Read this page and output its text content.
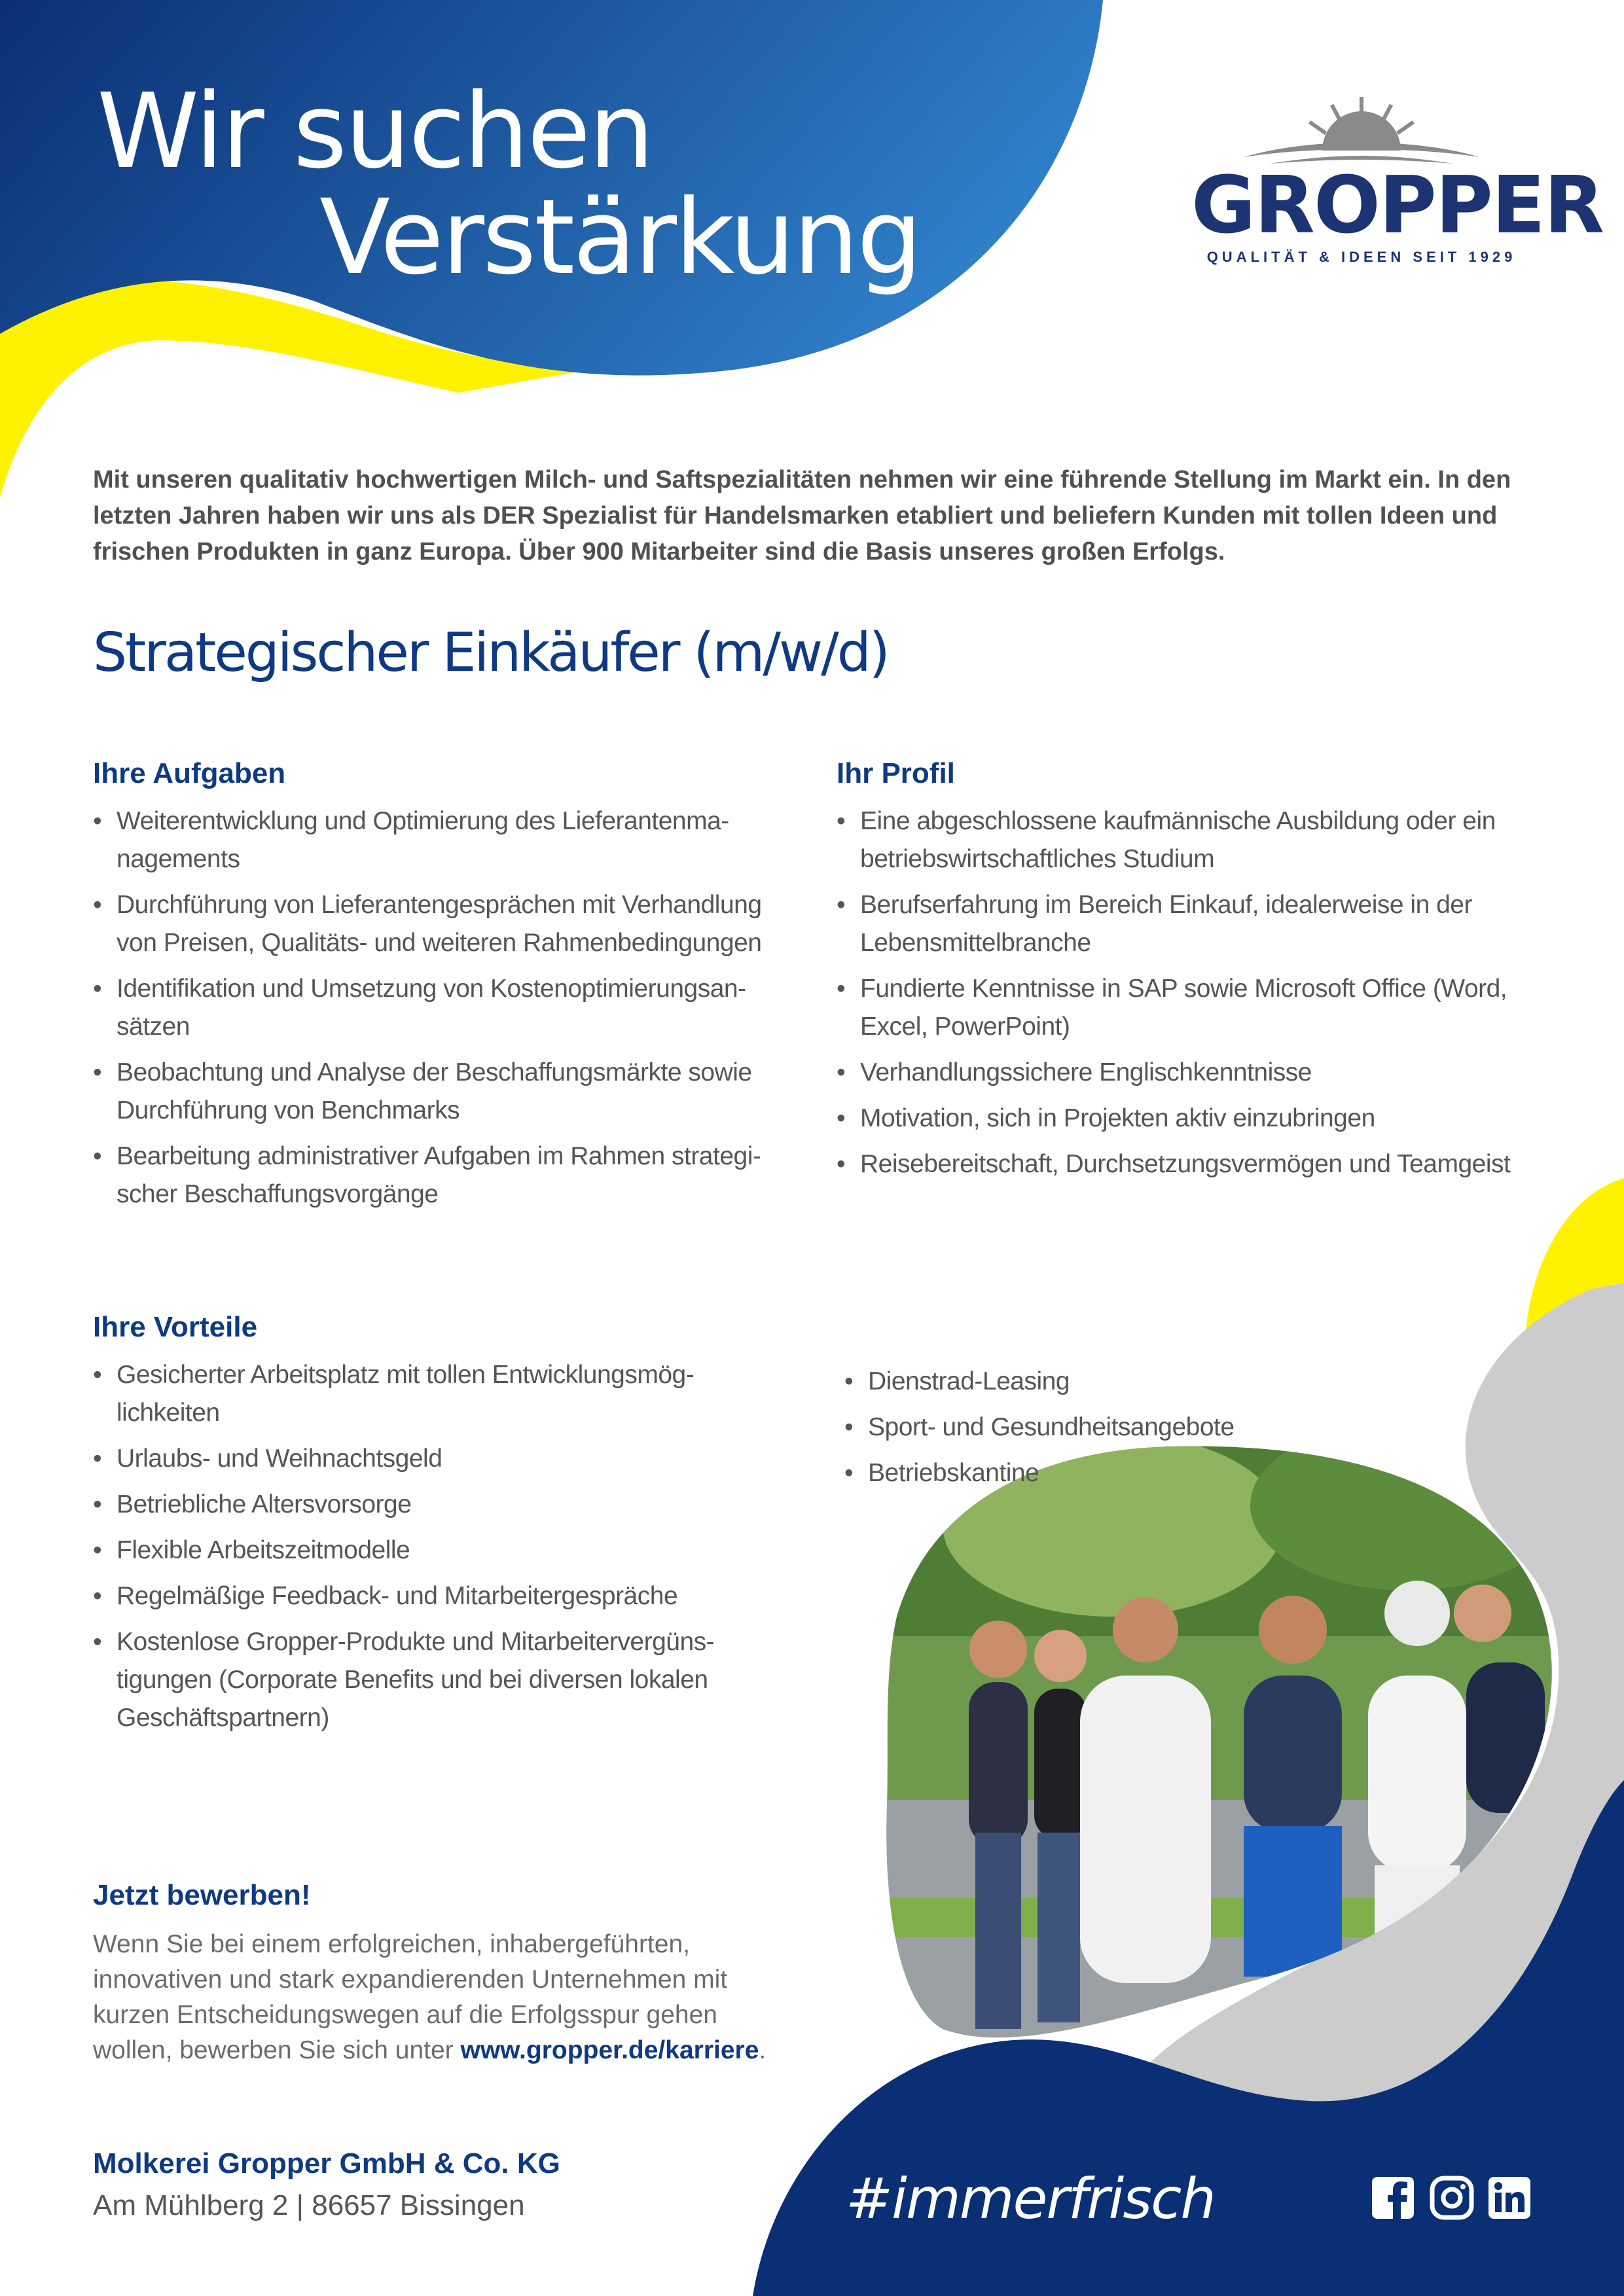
Wir suchen
Verstärkung	GROPPER
QUALITÄT & IDEEN SEIT 1929

Mit unseren qualitativ hochwertigen Milch- und Saftspezialitäten nehmen wir eine führende Stellung im Markt ein. In den letzten Jahren haben wir uns als DER Spezialist für Handelsmarken etabliert und beliefern Kunden mit tollen Ideen und frischen Produkten in ganz Europa. Über 900 Mitarbeiter sind die Basis unseres großen Erfolgs.

Strategischer Einkäufer (m/w/d)
Ihre Aufgaben
• Weiterentwicklung und Optimierung des Lieferantenma-nagements
• Durchführung von Lieferantengesprächen mit Verhandlung von Preisen, Qualitäts- und weiteren Rahmenbedingungen
• Identifikation und Umsetzung von Kostenoptimierungsan-sätzen
• Beobachtung und Analyse der Beschaffungsmärkte sowie Durchführung von Benchmarks
• Bearbeitung administrativer Aufgaben im Rahmen strategi-scher Beschaffungsvorgänge
Ihr Profil
• Eine abgeschlossene kaufmännische Ausbildung oder ein betriebswirtschaftliches Studium
• Berufserfahrung im Bereich Einkauf, idealerweise in der Lebensmittelbranche
• Fundierte Kenntnisse in SAP sowie Microsoft Office (Word, Excel, PowerPoint)
• Verhandlungssichere Englischkenntnisse
• Motivation, sich in Projekten aktiv einzubringen
• Reisebereitschaft, Durchsetzungsvermögen und Teamgeist
Ihre Vorteile
• Gesicherter Arbeitsplatz mit tollen Entwicklungsmög-lichkeiten
• Urlaubs- und Weihnachtsgeld
• Betriebliche Altersvorsorge
• Flexible Arbeitszeitmodelle
• Regelmäßige Feedback- und Mitarbeitergespräche
• Kostenlose Gropper-Produkte und Mitarbeitervergüns-tigungen (Corporate Benefits und bei diversen lokalen Geschäftspartnern)
• Dienstrad-Leasing
• Sport- und Gesundheitsangebote
• Betriebskantine
Jetzt bewerben!

Wenn Sie bei einem erfolgreichen, inhabergeführten, innovativen und stark expandierenden Unternehmen mit kurzen Entscheidungswegen auf die Erfolgsspur gehen wollen, bewerben Sie sich unter www.gropper.de/karriere.

Molkerei Gropper GmbH & Co. KG

Am Mühlberg 2 | 86657 Bissingen	#immerfrisch
